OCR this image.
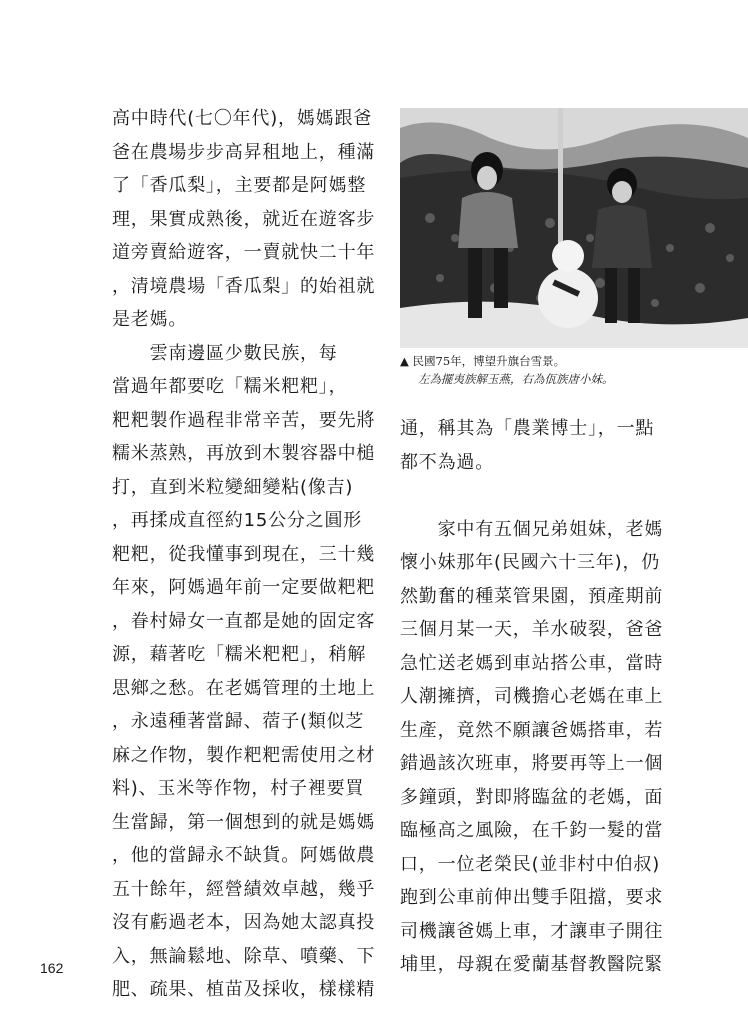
高中時代(七〇年代)，媽媽跟爸
爸在農場步步高昇租地上，種滿
了「香瓜梨」，主要都是阿媽整
理，果實成熟後，就近在遊客步
道旁賣給遊客，一賣就快二十年
，清境農場「香瓜梨」的始祖就
是老媽。
　　雲南邊區少數民族，每
當過年都要吃「糯米粑粑」，
粑粑製作過程非常辛苦，要先將
糯米蒸熟，再放到木製容器中槌
打，直到米粒變細變粘(像吉)
，再揉成直徑約15公分之圓形
粑粑，從我懂事到現在，三十幾
年來，阿媽過年前一定要做粑粑
，眷村婦女一直都是她的固定客
源，藉著吃「糯米粑粑」，稍解
思鄉之愁。在老媽管理的土地上
，永遠種著當歸、蓿子(類似芝
麻之作物，製作粑粑需使用之材
料)、玉米等作物，村子裡要買
生當歸，第一個想到的就是媽媽
，他的當歸永不缺貨。阿媽做農
五十餘年，經營績效卓越，幾乎
沒有虧過老本，因為她太認真投
入，無論鬆地、除草、噴藥、下
肥、疏果、植苗及採收，樣樣精
▲ 民國75年，博望升旗台雪景。
左為擺夷族解玉燕，右為佤族唐小妹。
通，稱其為「農業博士」，一點
都不為過。
　　家中有五個兄弟姐妹，老媽
懷小妹那年(民國六十三年)，仍
然勤奮的種菜管果園，預產期前
三個月某一天，羊水破裂，爸爸
急忙送老媽到車站搭公車，當時
人潮擁擠，司機擔心老媽在車上
生產，竟然不願讓爸媽搭車，若
錯過該次班車，將要再等上一個
多鐘頭，對即將臨盆的老媽，面
臨極高之風險，在千鈞一髮的當
口，一位老榮民(並非村中伯叔)
跑到公車前伸出雙手阻擋，要求
司機讓爸媽上車，才讓車子開往
埔里，母親在愛蘭基督教醫院緊
162
